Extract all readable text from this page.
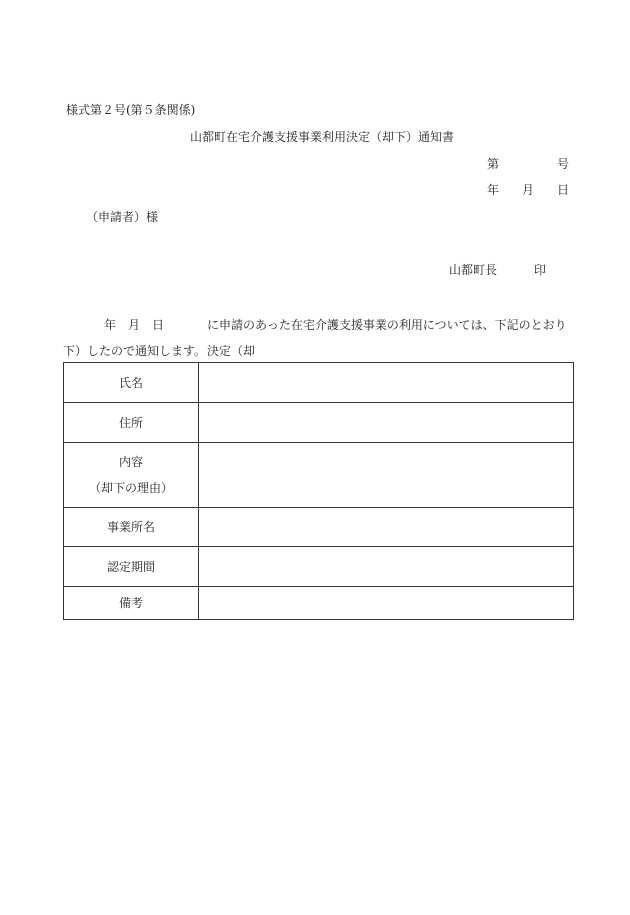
様式第２号(第５条関係)
山都町在宅介護支援事業利用決定（却下）通知書
第	号
年 月 日
（申請者）様
山都町長	印
年　月　日	に申請のあった在宅介護支援事業の利用については、下記のとおり決定（却
下）したので通知します。
氏名	
住所	

内容
（却下の理由）	

事業所名	
認定期間	
備考	
